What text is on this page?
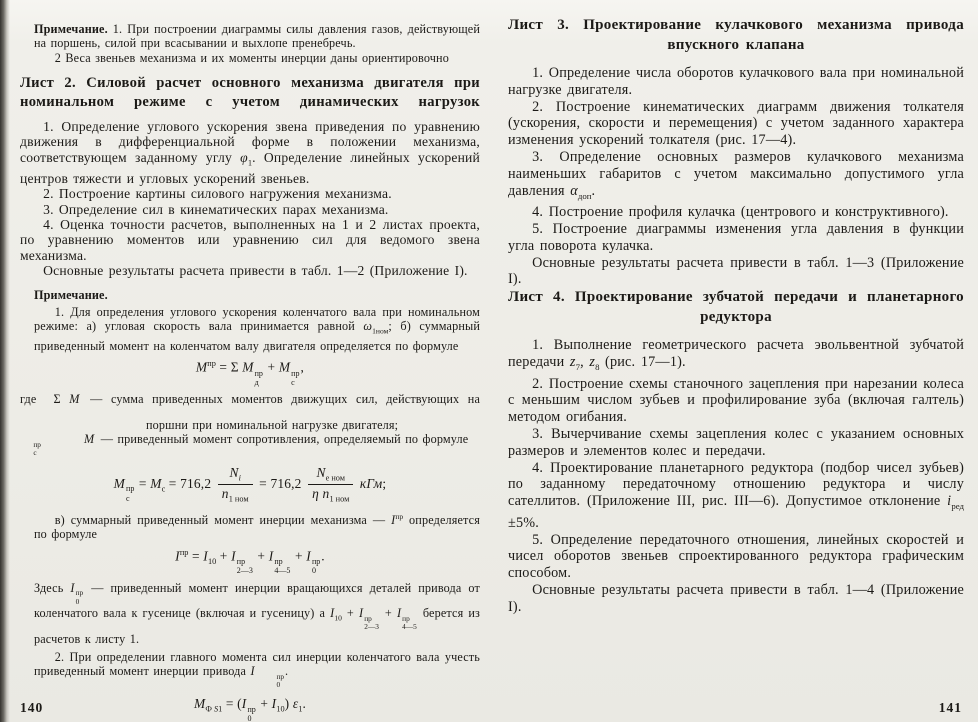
Примечание. 1. При построении диаграммы силы давления газов, действующей на поршень, силой при всасывании и выхлопе пренебречь.

2 Веса звеньев механизма и их моменты инерции даны ориентировочно

Лист 2. Силовой расчет основного механизма двигателя при номинальном режиме с учетом динамических нагрузок

1. Определение углового ускорения звена приведения по уравнению движения в дифференциальной форме в положении механизма, соответствующем заданному углу $\varphi_1$. Определение линейных ускорений центров тяжести и угловых ускорений звеньев.

2. Построение картины силового нагружения механизма.

3. Определение сил в кинематических парах механизма.

4. Оценка точности расчетов, выполненных на 1 и 2 листах проекта, по уравнению моментов или уравнению сил для ведомого звена механизма.

Основные результаты расчета привести в табл. 1—2 (Приложение I).

Примечание.

1. Для определения углового ускорения коленчатого вала при номинальном режиме: а) угловая скорость вала принимается равной $\omega_{1ном}$; б) суммарный приведенный момент на коленчатом валу двигателя определяется по формуле

$M^{пр} = \Sigma$ M пр
д
+ M пр
с
,

где  Σ M
— сумма приведенных моментов движущих сил, действующих на поршни при номинальной нагрузке двигателя;

M
пр
с
— приведенный момент сопротивления, определяемый по формуле

M пр
с
= $M_с = 716,2 \frac{N_i}{n_{1 ном}} = 716,2 \frac{N_{е ном}}{\eta n_{1 ном}}$ кГм;

в) суммарный приведенный момент инерции механизма — $I^{пр}$ определяется по формуле

$I^{пр} = I_{10} + I$ пр
2—3
+ I пр
4—5
+ I пр
0
.

Здесь I пр
0
— приведенный момент инерции вращающихся деталей привода от коленчатого вала к гусенице (включая и гусеницу) а $I_{10} + I$ пр
2—3
+ I пр
4—5
берется из расчетов к листу 1.

2. При определении главного момента сил инерции коленчатого вала учесть приведенный момент инерции привода I	пр
0
.

$M_{Ф S1} = (I$ пр
0
+ $I_{10}$) $\varepsilon_1$.
Лист 3. Проектирование кулачкового механизма привода впускного клапана

1. Определение числа оборотов кулачкового вала при номинальной нагрузке двигателя.

2. Построение кинематических диаграмм движения толкателя (ускорения, скорости и перемещения) с учетом заданного характера изменения ускорений толкателя (рис. 17—4).

3. Определение основных размеров кулачкового механизма наименьших габаритов с учетом максимально допустимого угла давления $\alpha_{доп}$.

4. Построение профиля кулачка (центрового и конструктивного).

5. Построение диаграммы изменения угла давления в функции угла поворота кулачка.

Основные результаты расчета привести в табл. 1—3 (Приложение I).

Лист 4. Проектирование зубчатой передачи и планетарного редуктора

1. Выполнение геометрического расчета эвольвентной зубчатой передачи $z_7$, $z_8$ (рис. 17—1).

2. Построение схемы станочного зацепления при нарезании колеса с меньшим числом зубьев и профилирование зуба (включая галтель) методом огибания.

3. Вычерчивание схемы зацепления колес с указанием основных размеров и элементов колес и передачи.

4. Проектирование планетарного редуктора (подбор чисел зубьев) по заданному передаточному отношению редуктора и числу сателлитов. (Приложение III, рис. III—6). Допустимое отклонение $i_{ред} \pm 5\%$.

5. Определение передаточного отношения, линейных скоростей и чисел оборотов звеньев спроектированного редуктора графическим способом.

Основные результаты расчета привести в табл. 1—4 (Приложение I).

140	141
